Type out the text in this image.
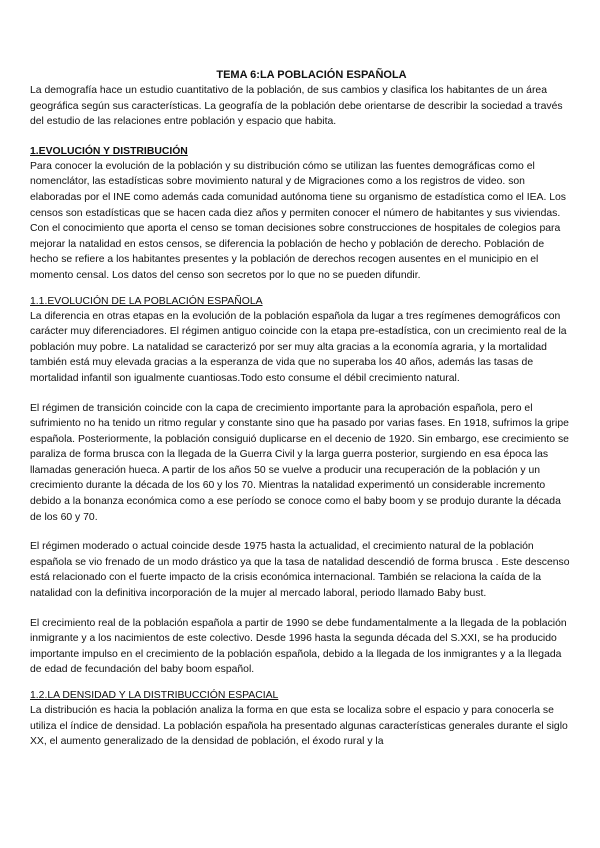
TEMA 6:LA POBLACIÓN ESPAÑOLA

La demografía hace un estudio cuantitativo de la población, de sus cambios y clasifica los habitantes de un área geográfica según sus características. La geografía de la población debe orientarse de describir la sociedad a través del estudio de las relaciones entre población y espacio que habita.

1.EVOLUCIÓN Y DISTRIBUCIÓN

Para conocer la evolución de la población y su distribución cómo se utilizan las fuentes demográficas como el nomenclátor, las estadísticas sobre movimiento natural y de Migraciones como a los registros de video. son elaboradas por el INE como además cada comunidad autónoma tiene su organismo de estadística como el IEA. Los censos son estadísticas que se hacen cada diez años y permiten conocer el número de habitantes y sus viviendas. Con el conocimiento que aporta el censo se toman decisiones sobre construcciones de hospitales de colegios para mejorar la natalidad en estos censos, se diferencia la población de hecho y población de derecho. Población de hecho se refiere a los habitantes presentes y la población de derechos recogen ausentes en el municipio en el momento censal. Los datos del censo son secretos por lo que no se pueden difundir.

1.1.EVOLUCIÓN DE LA POBLACIÓN ESPAÑOLA

La diferencia en otras etapas en la evolución de la población española da lugar a tres regímenes demográficos con carácter muy diferenciadores. El régimen antiguo coincide con la etapa pre-estadística, con un crecimiento real de la población muy pobre. La natalidad se caracterizó por ser muy alta gracias a la economía agraria, y la mortalidad también está muy elevada gracias a la esperanza de vida que no superaba los 40 años, además las tasas de mortalidad infantil son igualmente cuantiosas.Todo esto consume el débil crecimiento natural.

El régimen de transición coincide con la capa de crecimiento importante para la aprobación española, pero el sufrimiento no ha tenido un ritmo regular y constante sino que ha pasado por varias fases. En 1918, sufrimos la gripe española. Posteriormente, la población consiguió duplicarse en el decenio de 1920. Sin embargo, ese crecimiento se paraliza de forma brusca con la llegada de la Guerra Civil y la larga guerra posterior, surgiendo en esa época las llamadas generación hueca. A partir de los años 50 se vuelve a producir una recuperación de la población y un crecimiento durante la década de los 60 y los 70. Mientras la natalidad experimentó un considerable incremento debido a la bonanza económica como a ese período se conoce como el baby boom y se produjo durante la década de los 60 y 70.

El régimen moderado o actual coincide desde 1975 hasta la actualidad, el crecimiento natural de la población española se vio frenado de un modo drástico ya que la tasa de natalidad descendió de forma brusca . Este descenso está relacionado con el fuerte impacto de la crisis económica internacional. También se relaciona la caída de la natalidad con la definitiva incorporación de la mujer al mercado laboral, periodo llamado Baby bust.

El crecimiento real de la población española a partir de 1990 se debe fundamentalmente a la llegada de la población inmigrante y a los nacimientos de este colectivo. Desde 1996 hasta la segunda década del S.XXI, se ha producido importante impulso en el crecimiento de la población española, debido a la llegada de los inmigrantes y a la llegada de edad de fecundación del baby boom español.

1.2.LA DENSIDAD Y LA DISTRIBUCCIÓN ESPACIAL

La distribución es hacia la población analiza la forma en que esta se localiza sobre el espacio y para conocerla se utiliza el índice de densidad. La población española ha presentado algunas características generales durante el siglo XX, el aumento generalizado de la densidad de población, el éxodo rural y la
